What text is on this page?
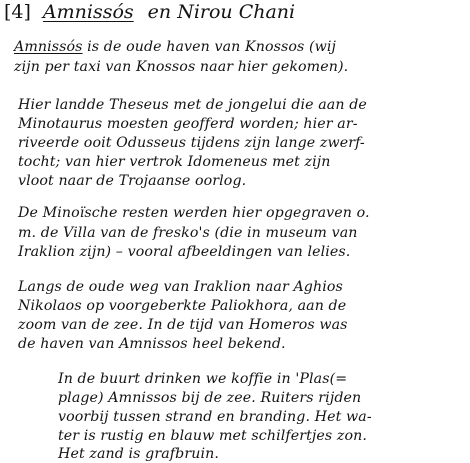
[4] Amnissós en Nirou Chani
Amnissós is de oude haven van Knossos (wij
zijn per taxi van Knossos naar hier gekomen).
Hier landde Theseus met de jongelui die aan de
Minotaurus moesten geofferd worden; hier ar-
riveerde ooit Odusseus tijdens zijn lange zwerf-
tocht; van hier vertrok Idomeneus met zijn
vloot naar de Trojaanse oorlog.
De Minoïsche resten werden hier opgegraven o.
m. de Villa van de fresko's (die in museum van
Iraklion zijn) – vooral afbeeldingen van lelies.
Langs de oude weg van Iraklion naar Aghios
Nikolaos op voorgeberkte Paliokhora, aan de
zoom van de zee. In de tijd van Homeros was
de haven van Amnissos heel bekend.
In de buurt drinken we koffie in 'Plas(=
plage) Amnissos bij de zee. Ruiters rijden
voorbij tussen strand en branding. Het wa-
ter is rustig en blauw met schilfertjes zon.
Het zand is grafbruin.
